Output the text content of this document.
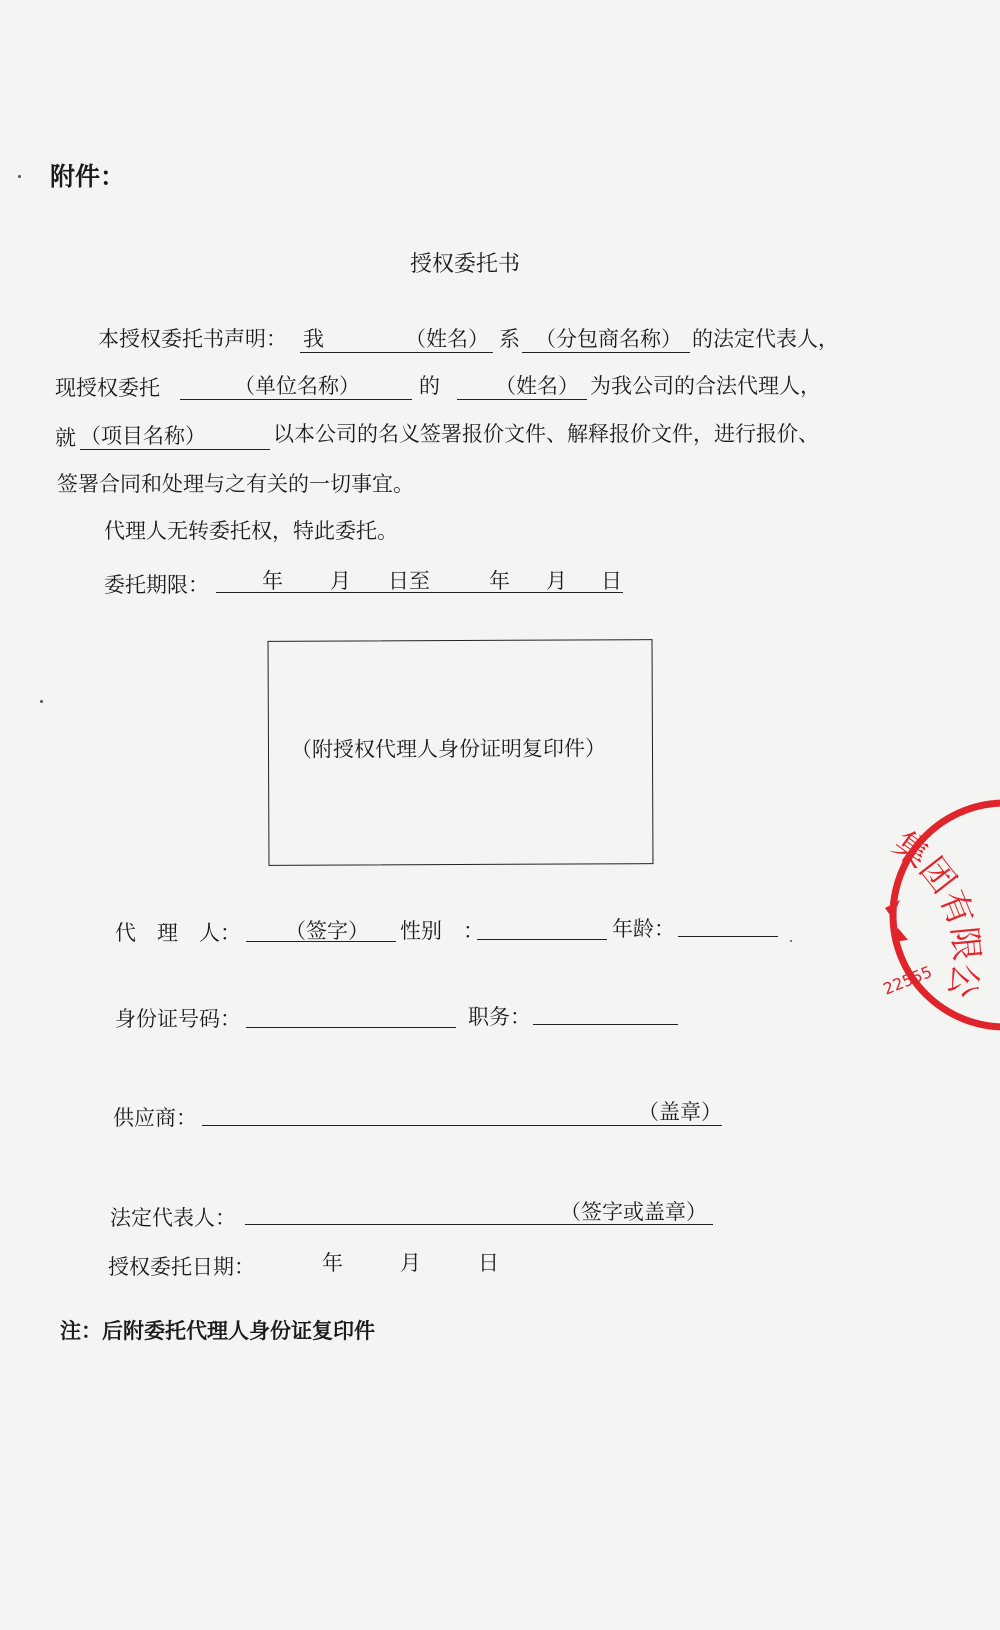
附件：
授权委托书
本授权委托书声明： 我	（姓名） 系 （分包商名称） 的法定代表人，
现授权委托	（单位名称）	的	（姓名） 为我公司的合法代理人，
就 （项目名称）	以本公司的名义签署报价文件、解释报价文件，进行报价、
签署合同和处理与之有关的一切事宜。
代理人无转委托权，特此委托。
委托期限：	年 月 日至	年 月 日
（附授权代理人身份证明复印件）
代　理　人： （签字） 性别　：	年龄：
身份证号码：	职务：
供应商：	（盖章）
法定代表人：	（签字或盖章）
授权委托日期：	年	月	日
注：后附委托代理人身份证复印件
集团有限公司
22555
